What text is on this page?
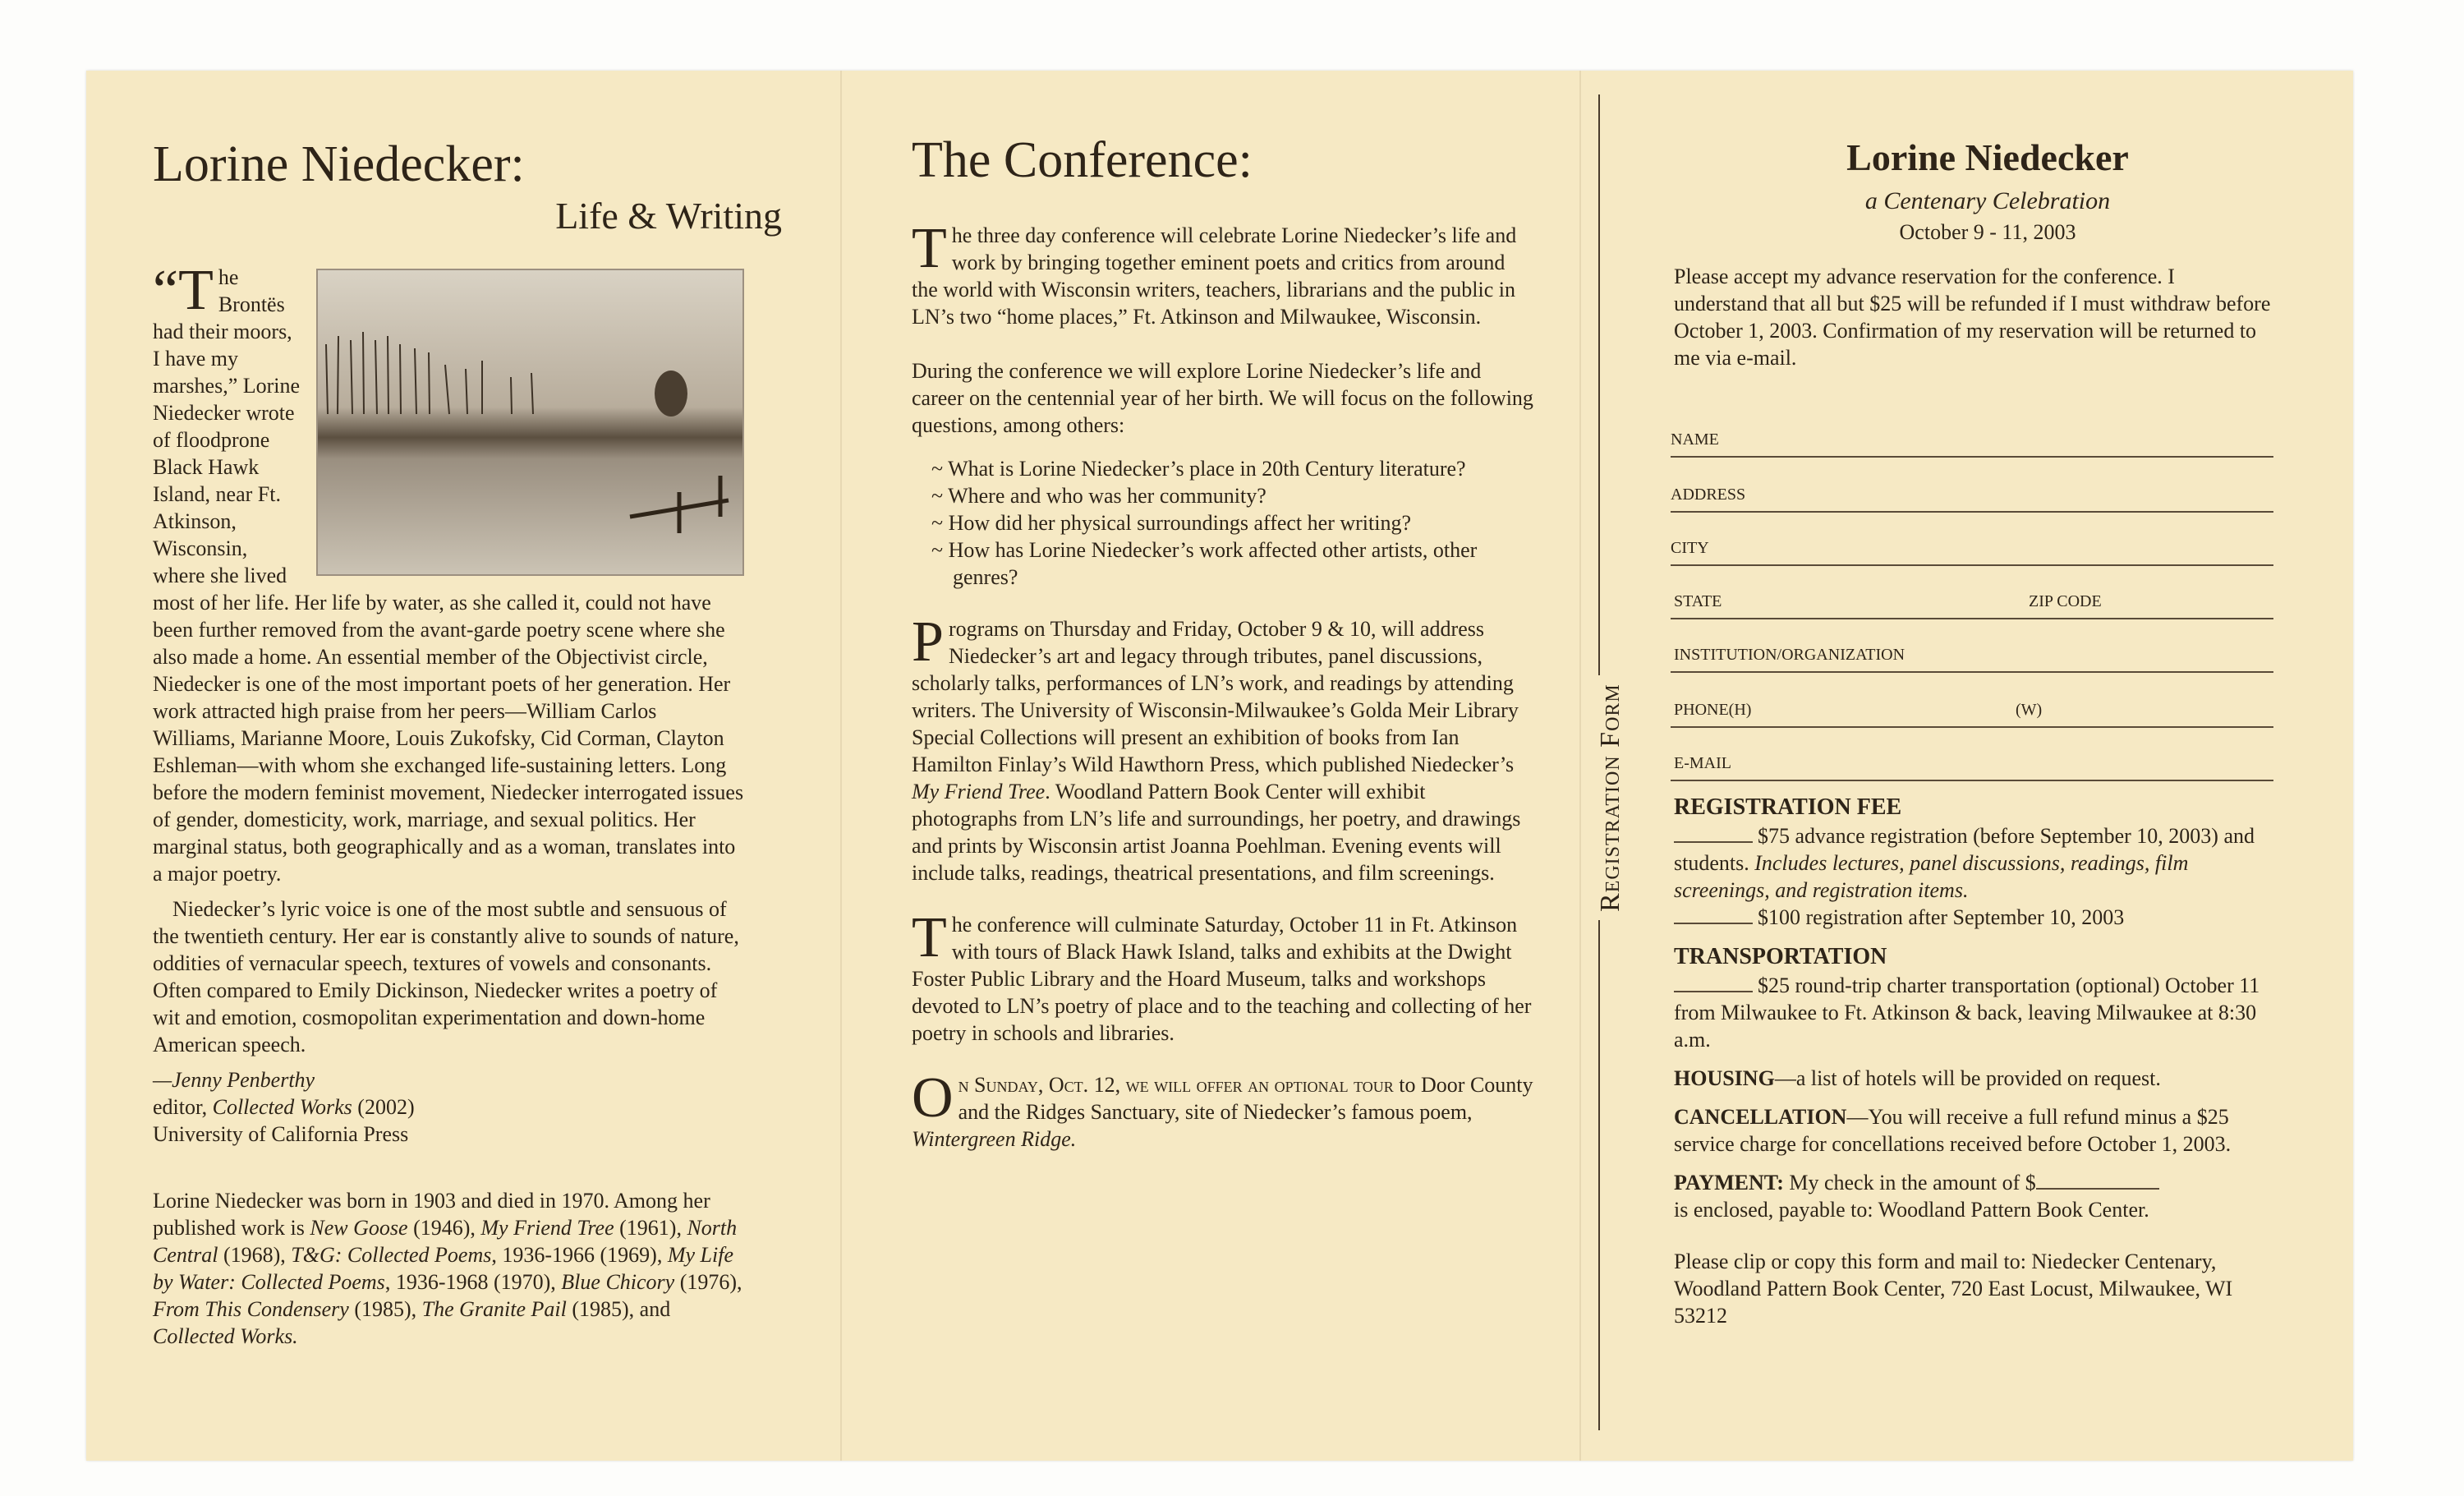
Lorine Niedecker:
Life & Writing

“T he Brontës had their moors, I have my marshes,” Lorine Niedecker wrote of floodprone Black Hawk Island, near Ft. Atkinson, Wisconsin, where she lived most of her life. Her life by water, as she called it, could not have been further removed from the avant-garde poetry scene where she also made a home. An essential member of the Objectivist circle, Niedecker is one of the most important poets of her generation. Her work attracted high praise from her peers—William Carlos Williams, Marianne Moore, Louis Zukofsky, Cid Corman, Clayton Eshleman—with whom she exchanged life-sustaining letters. Long before the modern feminist movement, Niedecker interrogated issues of gender, domesticity, work, marriage, and sexual politics. Her marginal status, both geographically and as a woman, translates into a major poetry.

Niedecker’s lyric voice is one of the most subtle and sensuous of the twentieth century. Her ear is constantly alive to sounds of nature, oddities of vernacular speech, textures of vowels and consonants. Often compared to Emily Dickinson, Niedecker writes a poetry of wit and emotion, cosmopolitan experimentation and down-home American speech.

—Jenny Penberthy

editor, Collected Works (2002)

University of California Press

Lorine Niedecker was born in 1903 and died in 1970. Among her published work is New Goose (1946), My Friend Tree (1961), North Central (1968), T&G: Collected Poems, 1936-1966 (1969), My Life by Water: Collected Poems, 1936-1968 (1970), Blue Chicory (1976), From This Condensery (1985), The Granite Pail (1985), and Collected Works.

The Conference:

The three day conference will celebrate Lorine Niedecker’s life and work by bringing together eminent poets and critics from around the world with Wisconsin writers, teachers, librarians and the public in LN’s two “home places,” Ft. Atkinson and Milwaukee, Wisconsin.

During the conference we will explore Lorine Niedecker’s life and career on the centennial year of her birth. We will focus on the following questions, among others:

~ What is Lorine Niedecker’s place in 20th Century literature?
~ Where and who was her community?
~ How did her physical surroundings affect her writing?
~ How has Lorine Niedecker’s work affected other artists, other genres?

Programs on Thursday and Friday, October 9 & 10, will address Niedecker’s art and legacy through tributes, panel discussions, scholarly talks, performances of LN’s work, and readings by attending writers. The University of Wisconsin-Milwaukee’s Golda Meir Library Special Collections will present an exhibition of books from Ian Hamilton Finlay’s Wild Hawthorn Press, which published Niedecker’s My Friend Tree. Woodland Pattern Book Center will exhibit photographs from LN’s life and surroundings, her poetry, and drawings and prints by Wisconsin artist Joanna Poehlman. Evening events will include talks, readings, theatrical presentations, and film screenings.

The conference will culminate Saturday, October 11 in Ft. Atkinson with tours of Black Hawk Island, talks and exhibits at the Dwight Foster Public Library and the Hoard Museum, talks and workshops devoted to LN’s poetry of place and to the teaching and collecting of her poetry in schools and libraries.

On Sunday, Oct. 12, we will offer an optional tour to Door County and the Ridges Sanctuary, site of Niedecker’s famous poem, Wintergreen Ridge.

Registration Form
Lorine Niedecker
a Centenary Celebration
October 9 - 11, 2003
Please accept my advance reservation for the conference. I understand that all but $25 will be refunded if I must withdraw before October 1, 2003. Confirmation of my reservation will be returned to me via e-mail.
NAME
ADDRESS
CITY
STATE	ZIP CODE
INSTITUTION/ORGANIZATION
PHONE(H)	(W)
E-MAIL
REGISTRATION FEE

$75 advance registration (before September 10, 2003) and students. Includes lectures, panel discussions, readings, film screenings, and registration items.

$100 registration after September 10, 2003

TRANSPORTATION

$25 round-trip charter transportation (optional) October 11 from Milwaukee to Ft. Atkinson & back, leaving Milwaukee at 8:30 a.m.

HOUSING—a list of hotels will be provided on request.

CANCELLATION—You will receive a full refund minus a $25 service charge for concellations received before October 1, 2003.

PAYMENT: My check in the amount of $
is enclosed, payable to: Woodland Pattern Book Center.

Please clip or copy this form and mail to: Niedecker Centenary, Woodland Pattern Book Center, 720 East Locust, Milwaukee, WI 53212
